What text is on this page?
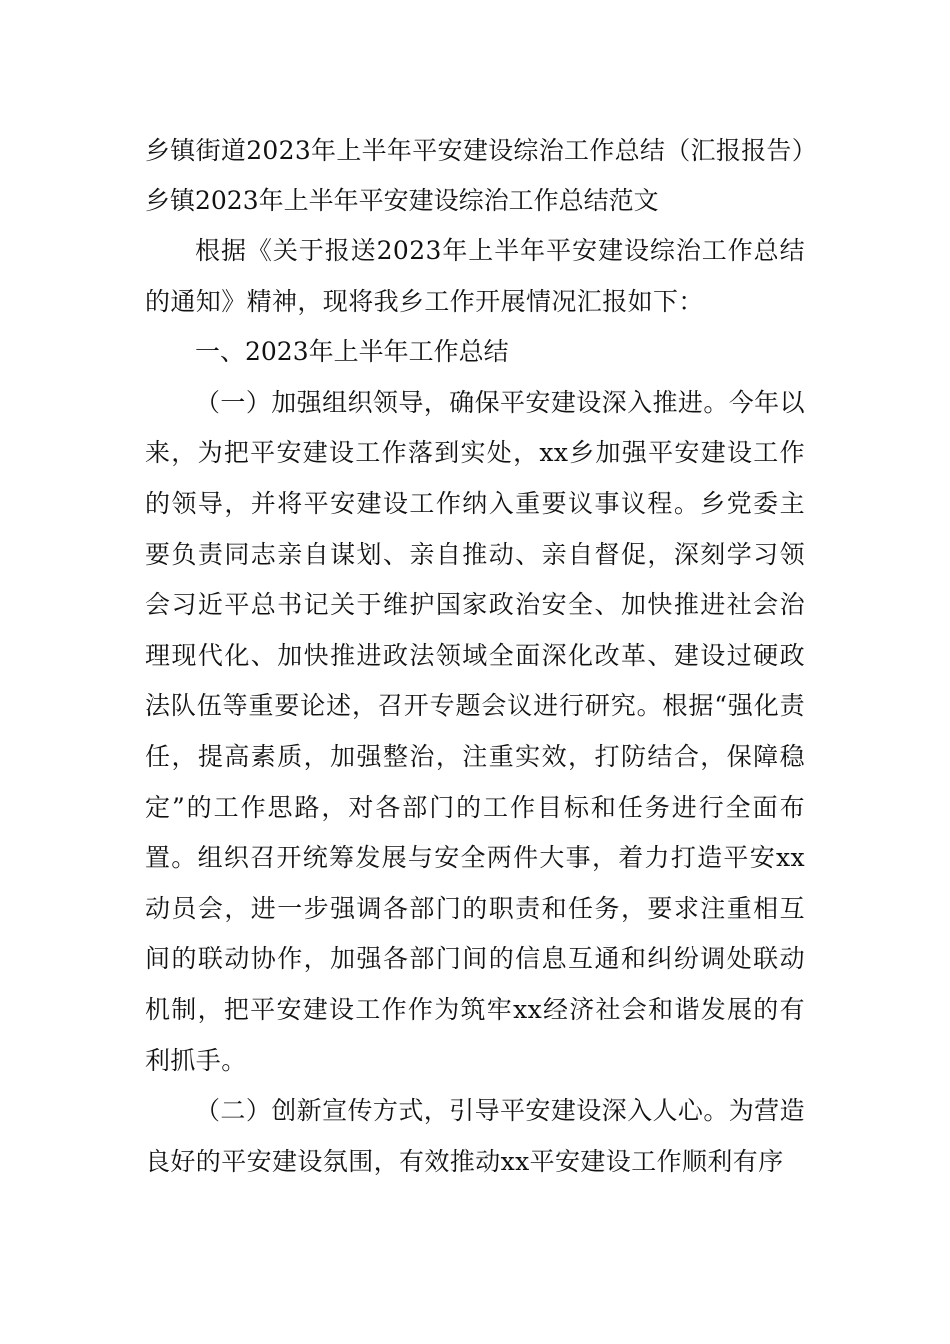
乡镇街道2023年上半年平安建设综治工作总结（汇报报告）

乡镇2023年上半年平安建设综治工作总结范文

根据《关于报送2023年上半年平安建设综治工作总结的通知》精神，现将我乡工作开展情况汇报如下：

一、2023年上半年工作总结

（一）加强组织领导，确保平安建设深入推进。今年以来，为把平安建设工作落到实处，xx乡加强平安建设工作的领导，并将平安建设工作纳入重要议事议程。乡党委主要负责同志亲自谋划、亲自推动、亲自督促，深刻学习领会习近平总书记关于维护国家政治安全、加快推进社会治理现代化、加快推进政法领域全面深化改革、建设过硬政法队伍等重要论述，召开专题会议进行研究。根据“强化责任，提高素质，加强整治，注重实效，打防结合，保障稳定”的工作思路，对各部门的工作目标和任务进行全面布置。组织召开统筹发展与安全两件大事，着力打造平安xx动员会，进一步强调各部门的职责和任务，要求注重相互间的联动协作，加强各部门间的信息互通和纠纷调处联动机制，把平安建设工作作为筑牢xx经济社会和谐发展的有利抓手。

（二）创新宣传方式，引导平安建设深入人心。为营造良好的平安建设氛围，有效推动xx平安建设工作顺利有序
